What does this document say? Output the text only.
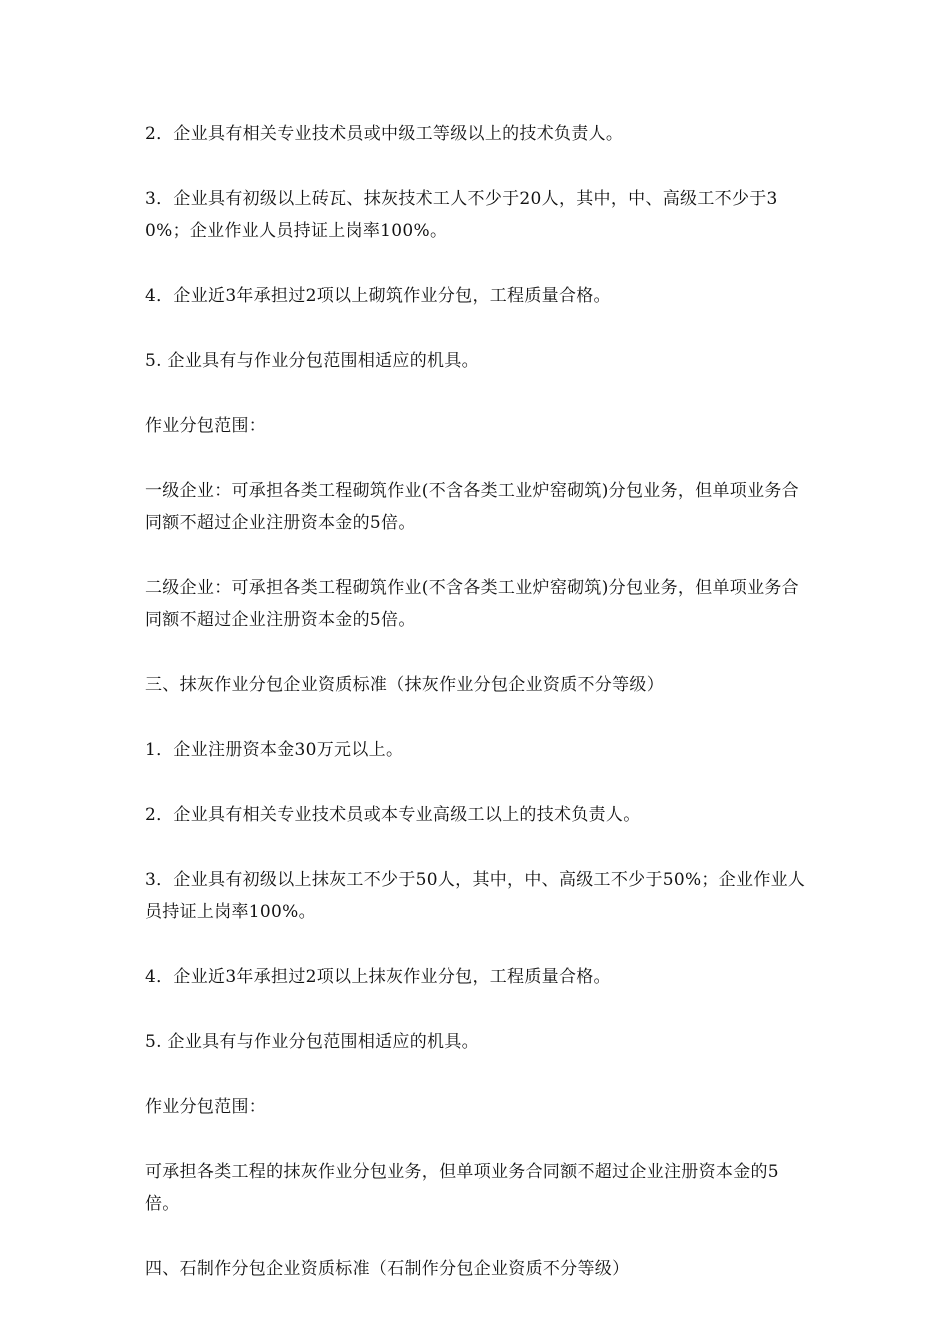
2．企业具有相关专业技术员或中级工等级以上的技术负责人。

3．企业具有初级以上砖瓦、抹灰技术工人不少于20人，其中，中、高级工不少于30%；企业作业人员持证上岗率100%。

4．企业近3年承担过2项以上砌筑作业分包，工程质量合格。

5. 企业具有与作业分包范围相适应的机具。

作业分包范围：

一级企业：可承担各类工程砌筑作业(不含各类工业炉窑砌筑)分包业务，但单项业务合同额不超过企业注册资本金的5倍。

二级企业：可承担各类工程砌筑作业(不含各类工业炉窑砌筑)分包业务，但单项业务合同额不超过企业注册资本金的5倍。

三、抹灰作业分包企业资质标准（抹灰作业分包企业资质不分等级）

1．企业注册资本金30万元以上。

2．企业具有相关专业技术员或本专业高级工以上的技术负责人。

3．企业具有初级以上抹灰工不少于50人，其中，中、高级工不少于50%；企业作业人员持证上岗率100%。

4．企业近3年承担过2项以上抹灰作业分包，工程质量合格。

5. 企业具有与作业分包范围相适应的机具。

作业分包范围：

可承担各类工程的抹灰作业分包业务，但单项业务合同额不超过企业注册资本金的5倍。

四、石制作分包企业资质标准（石制作分包企业资质不分等级）
